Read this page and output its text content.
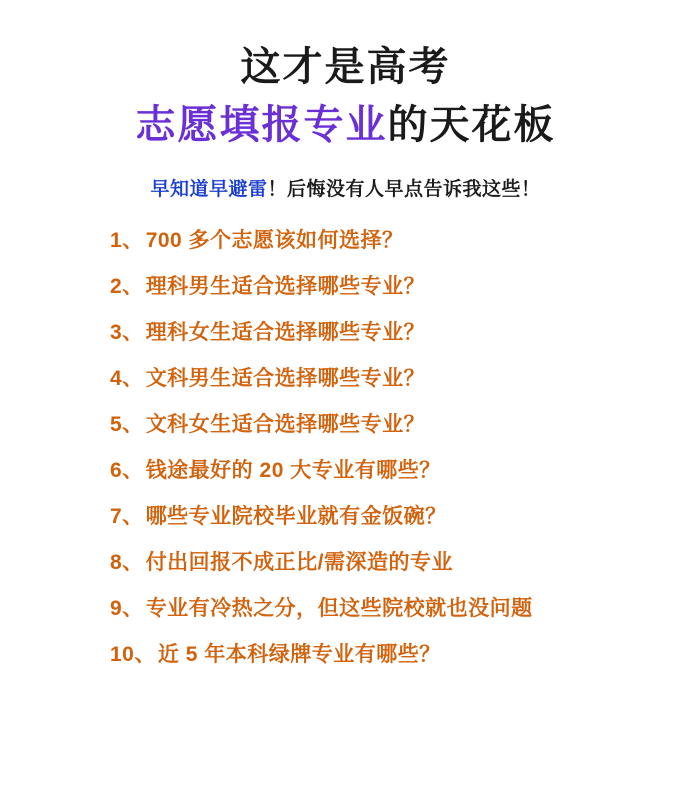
这才是高考
志愿填报专业的天花板
早知道早避雷！后悔没有人早点告诉我这些！
1、 700 多个志愿该如何选择？
2、 理科男生适合选择哪些专业？
3、 理科女生适合选择哪些专业？
4、 文科男生适合选择哪些专业？
5、 文科女生适合选择哪些专业？
6、 钱途最好的 20 大专业有哪些？
7、 哪些专业院校毕业就有金饭碗？
8、 付出回报不成正比/需深造的专业
9、 专业有冷热之分，但这些院校就也没问题
10、 近 5 年本科绿牌专业有哪些？
